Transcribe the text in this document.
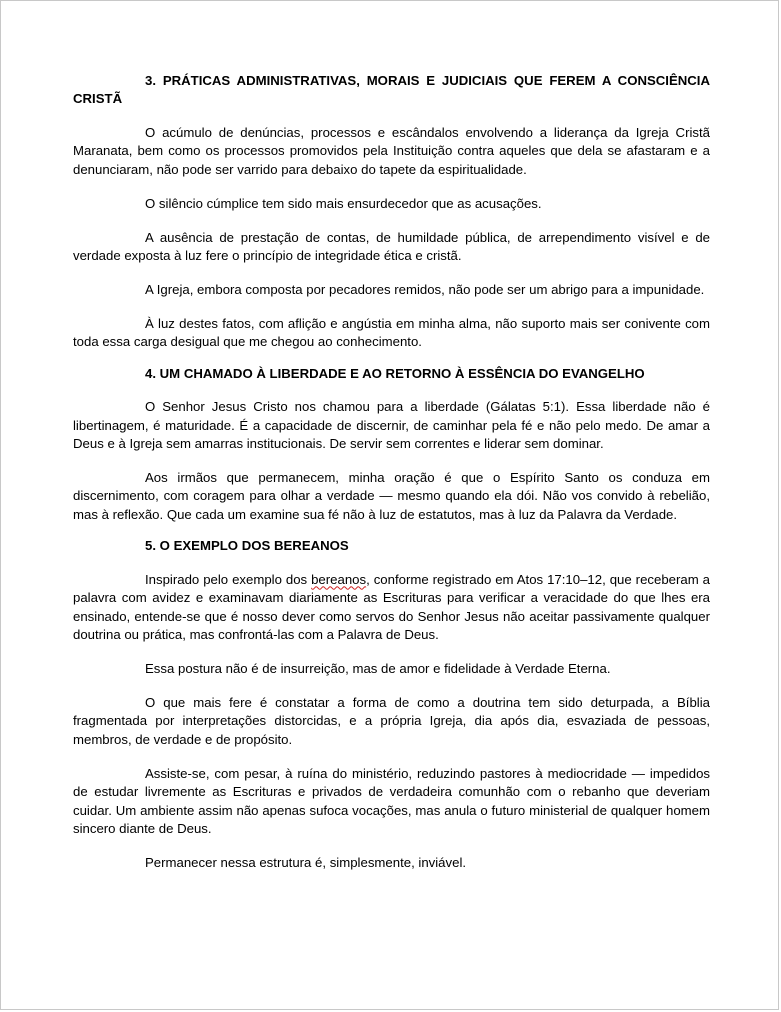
3. PRÁTICAS ADMINISTRATIVAS, MORAIS E JUDICIAIS QUE FEREM A CONSCIÊNCIA CRISTÃ

O acúmulo de denúncias, processos e escândalos envolvendo a liderança da Igreja Cristã Maranata, bem como os processos promovidos pela Instituição contra aqueles que dela se afastaram e a denunciaram, não pode ser varrido para debaixo do tapete da espiritualidade.

O silêncio cúmplice tem sido mais ensurdecedor que as acusações.

A ausência de prestação de contas, de humildade pública, de arrependimento visível e de verdade exposta à luz fere o princípio de integridade ética e cristã.

A Igreja, embora composta por pecadores remidos, não pode ser um abrigo para a impunidade.

À luz destes fatos, com aflição e angústia em minha alma, não suporto mais ser conivente com toda essa carga desigual que me chegou ao conhecimento.

4. UM CHAMADO À LIBERDADE E AO RETORNO À ESSÊNCIA DO EVANGELHO

O Senhor Jesus Cristo nos chamou para a liberdade (Gálatas 5:1). Essa liberdade não é libertinagem, é maturidade. É a capacidade de discernir, de caminhar pela fé e não pelo medo. De amar a Deus e à Igreja sem amarras institucionais. De servir sem correntes e liderar sem dominar.

Aos irmãos que permanecem, minha oração é que o Espírito Santo os conduza em discernimento, com coragem para olhar a verdade — mesmo quando ela dói. Não vos convido à rebelião, mas à reflexão. Que cada um examine sua fé não à luz de estatutos, mas à luz da Palavra da Verdade.

5. O EXEMPLO DOS BEREANOS

Inspirado pelo exemplo dos bereanos, conforme registrado em Atos 17:10–12, que receberam a palavra com avidez e examinavam diariamente as Escrituras para verificar a veracidade do que lhes era ensinado, entende-se que é nosso dever como servos do Senhor Jesus não aceitar passivamente qualquer doutrina ou prática, mas confrontá-las com a Palavra de Deus.

Essa postura não é de insurreição, mas de amor e fidelidade à Verdade Eterna.

O que mais fere é constatar a forma de como a doutrina tem sido deturpada, a Bíblia fragmentada por interpretações distorcidas, e a própria Igreja, dia após dia, esvaziada de pessoas, membros, de verdade e de propósito.

Assiste-se, com pesar, à ruína do ministério, reduzindo pastores à mediocridade — impedidos de estudar livremente as Escrituras e privados de verdadeira comunhão com o rebanho que deveriam cuidar. Um ambiente assim não apenas sufoca vocações, mas anula o futuro ministerial de qualquer homem sincero diante de Deus.

Permanecer nessa estrutura é, simplesmente, inviável.
